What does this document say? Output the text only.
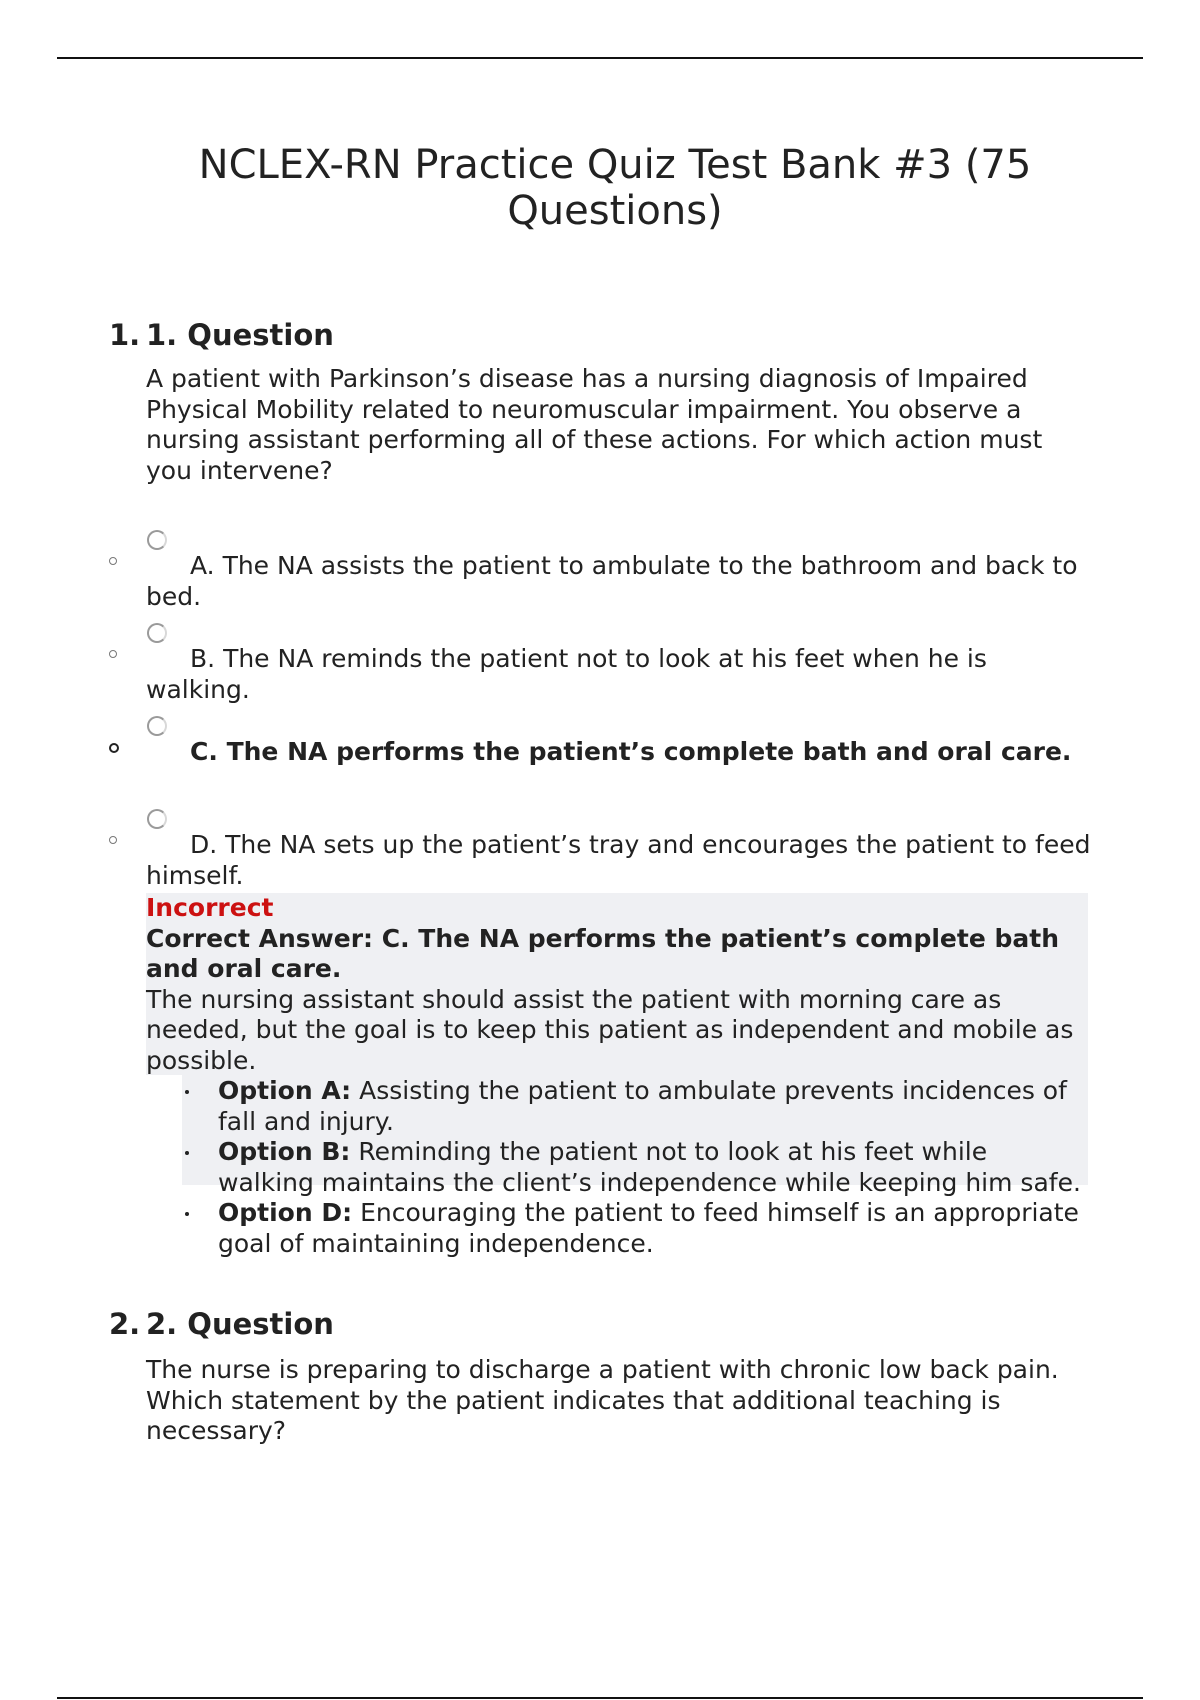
NCLEX-RN Practice Quiz Test Bank #3 (75 Questions)
1. 1. Question

A patient with Parkinson’s disease has a nursing diagnosis of Impaired Physical Mobility related to neuromuscular impairment. You observe a nursing assistant performing all of these actions. For which action must you intervene?

A. The NA assists the patient to ambulate to the bathroom and back to bed.
B. The NA reminds the patient not to look at his feet when he is walking.
C. The NA performs the patient’s complete bath and oral care.
D. The NA sets up the patient’s tray and encourages the patient to feed himself.
Incorrect
Correct Answer: C. The NA performs the patient’s complete bath and oral care.
The nursing assistant should assist the patient with morning care as needed, but the goal is to keep this patient as independent and mobile as possible.
Option A: Assisting the patient to ambulate prevents incidences of fall and injury.
Option B: Reminding the patient not to look at his feet while walking maintains the client’s independence while keeping him safe.
Option D: Encouraging the patient to feed himself is an appropriate goal of maintaining independence.
2. 2. Question

The nurse is preparing to discharge a patient with chronic low back pain. Which statement by the patient indicates that additional teaching is necessary?
